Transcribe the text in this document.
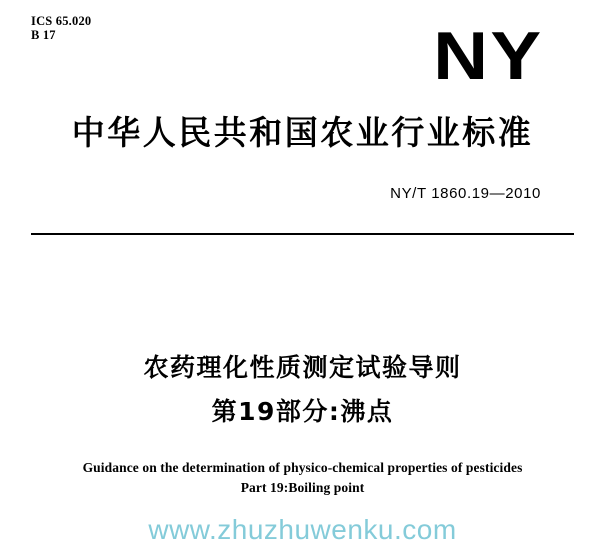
ICS 65.020
B 17	NY
中华人民共和国农业行业标准
NY/T 1860.19—2010
农药理化性质测定试验导则
第19部分:沸点
Guidance on the determination of physico-chemical properties of pesticides
Part 19:Boiling point
www.zhuzhuwenku.com
